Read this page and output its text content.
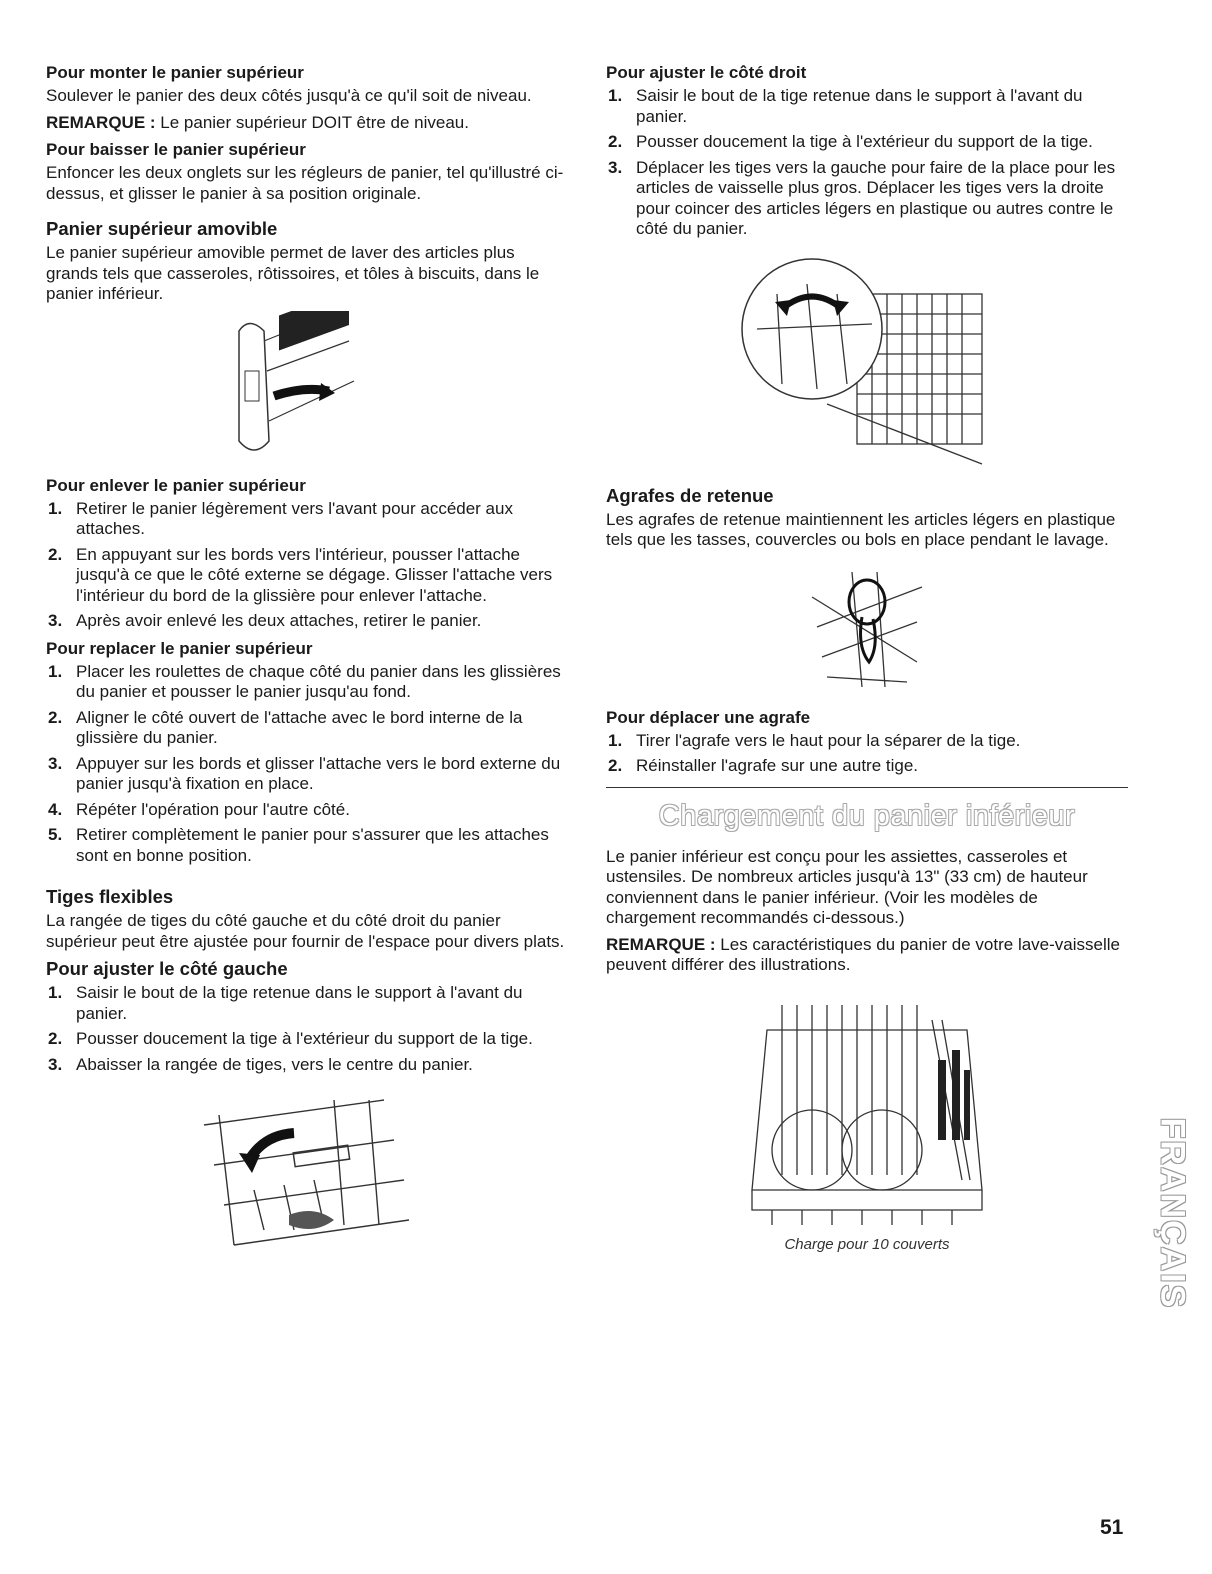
Pour monter le panier supérieur

Soulever le panier des deux côtés jusqu'à ce qu'il soit de niveau.

REMARQUE : Le panier supérieur DOIT être de niveau.

Pour baisser le panier supérieur

Enfoncer les deux onglets sur les régleurs de panier, tel qu'illustré ci-dessus, et glisser le panier à sa position originale.

Panier supérieur amovible

Le panier supérieur amovible permet de laver des articles plus grands tels que casseroles, rôtissoires, et tôles à biscuits, dans le panier inférieur.

Pour enlever le panier supérieur
1. Retirer le panier légèrement vers l'avant pour accéder aux attaches.
2. En appuyant sur les bords vers l'intérieur, pousser l'attache jusqu'à ce que le côté externe se dégage. Glisser l'attache vers l'intérieur du bord de la glissière pour enlever l'attache.
3. Après avoir enlevé les deux attaches, retirer le panier.
Pour replacer le panier supérieur
1. Placer les roulettes de chaque côté du panier dans les glissières du panier et pousser le panier jusqu'au fond.
2. Aligner le côté ouvert de l'attache avec le bord interne de la glissière du panier.
3. Appuyer sur les bords et glisser l'attache vers le bord externe du panier jusqu'à fixation en place.
4. Répéter l'opération pour l'autre côté.
5. Retirer complètement le panier pour s'assurer que les attaches sont en bonne position.
Tiges flexibles

La rangée de tiges du côté gauche et du côté droit du panier supérieur peut être ajustée pour fournir de l'espace pour divers plats.

Pour ajuster le côté gauche
1. Saisir le bout de la tige retenue dans le support à l'avant du panier.
2. Pousser doucement la tige à l'extérieur du support de la tige.
3. Abaisser la rangée de tiges, vers le centre du panier.
Pour ajuster le côté droit
1. Saisir le bout de la tige retenue dans le support à l'avant du panier.
2. Pousser doucement la tige à l'extérieur du support de la tige.
3. Déplacer les tiges vers la gauche pour faire de la place pour les articles de vaisselle plus gros. Déplacer les tiges vers la droite pour coincer des articles légers en plastique ou autres contre le côté du panier.
Agrafes de retenue

Les agrafes de retenue maintiennent les articles légers en plastique tels que les tasses, couvercles ou bols en place pendant le lavage.

Pour déplacer une agrafe
1. Tirer l'agrafe vers le haut pour la séparer de la tige.
2. Réinstaller l'agrafe sur une autre tige.
Chargement du panier inférieur

Le panier inférieur est conçu pour les assiettes, casseroles et ustensiles. De nombreux articles jusqu'à 13" (33 cm) de hauteur conviennent dans le panier inférieur. (Voir les modèles de chargement recommandés ci-dessous.)

REMARQUE : Les caractéristiques du panier de votre lave-vaisselle peuvent différer des illustrations.

Charge pour 10 couverts	FRANÇAIS
51
